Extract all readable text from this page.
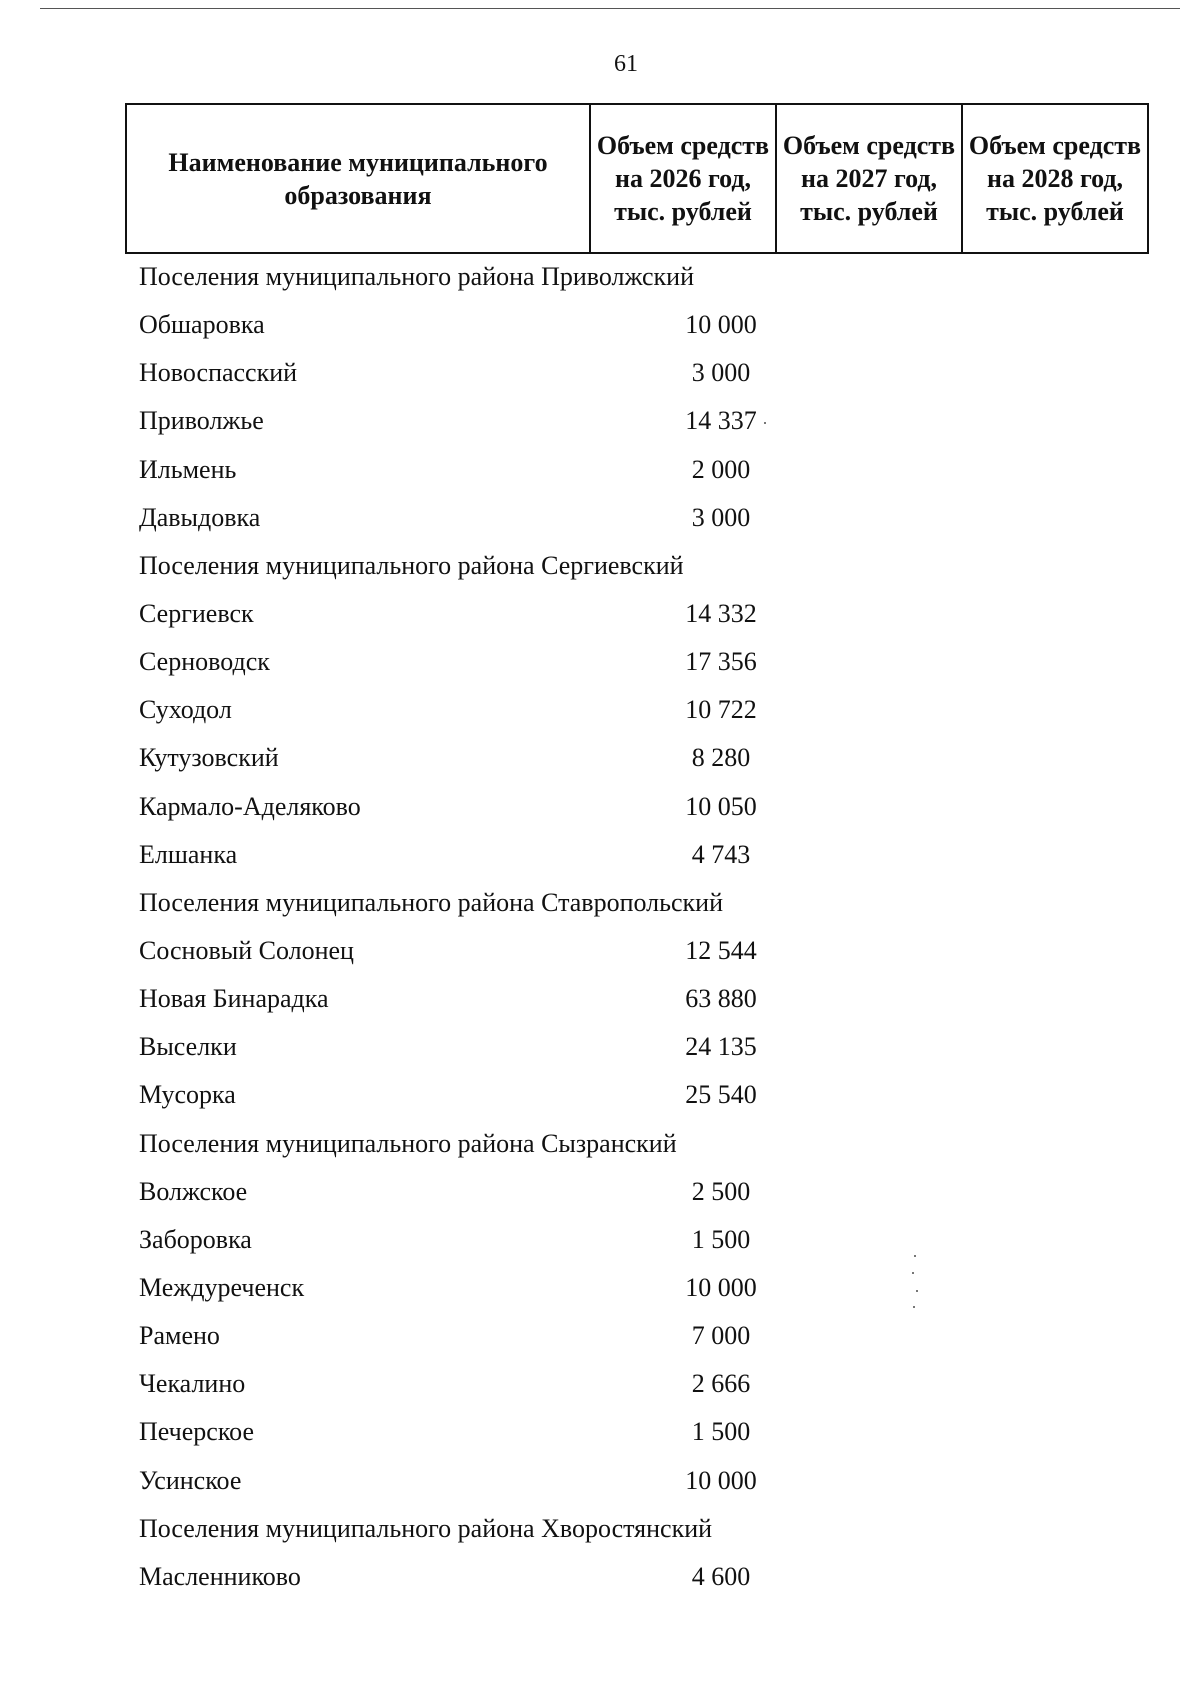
61
Наименование муниципального образования	Объем средств на 2026 год, тыс. рублей	Объем средств на 2027 год, тыс. рублей	Объем средств на 2028 год, тыс. рублей
Поселения муниципального района Приволжский
Обшаровка	10 000
Новоспасский	3 000
Приволжье	14 337
Ильмень	2 000
Давыдовка	3 000
Поселения муниципального района Сергиевский
Сергиевск	14 332
Серноводск	17 356
Суходол	10 722
Кутузовский	8 280
Кармало-Аделяково	10 050
Елшанка	4 743
Поселения муниципального района Ставропольский
Сосновый Солонец	12 544
Новая Бинарадка	63 880
Выселки	24 135
Мусорка	25 540
Поселения муниципального района Сызранский
Волжское	2 500
Заборовка	1 500
Междуреченск	10 000
Рамено	7 000
Чекалино	2 666
Печерское	1 500
Усинское	10 000
Поселения муниципального района Хворостянский
Масленниково	4 600
